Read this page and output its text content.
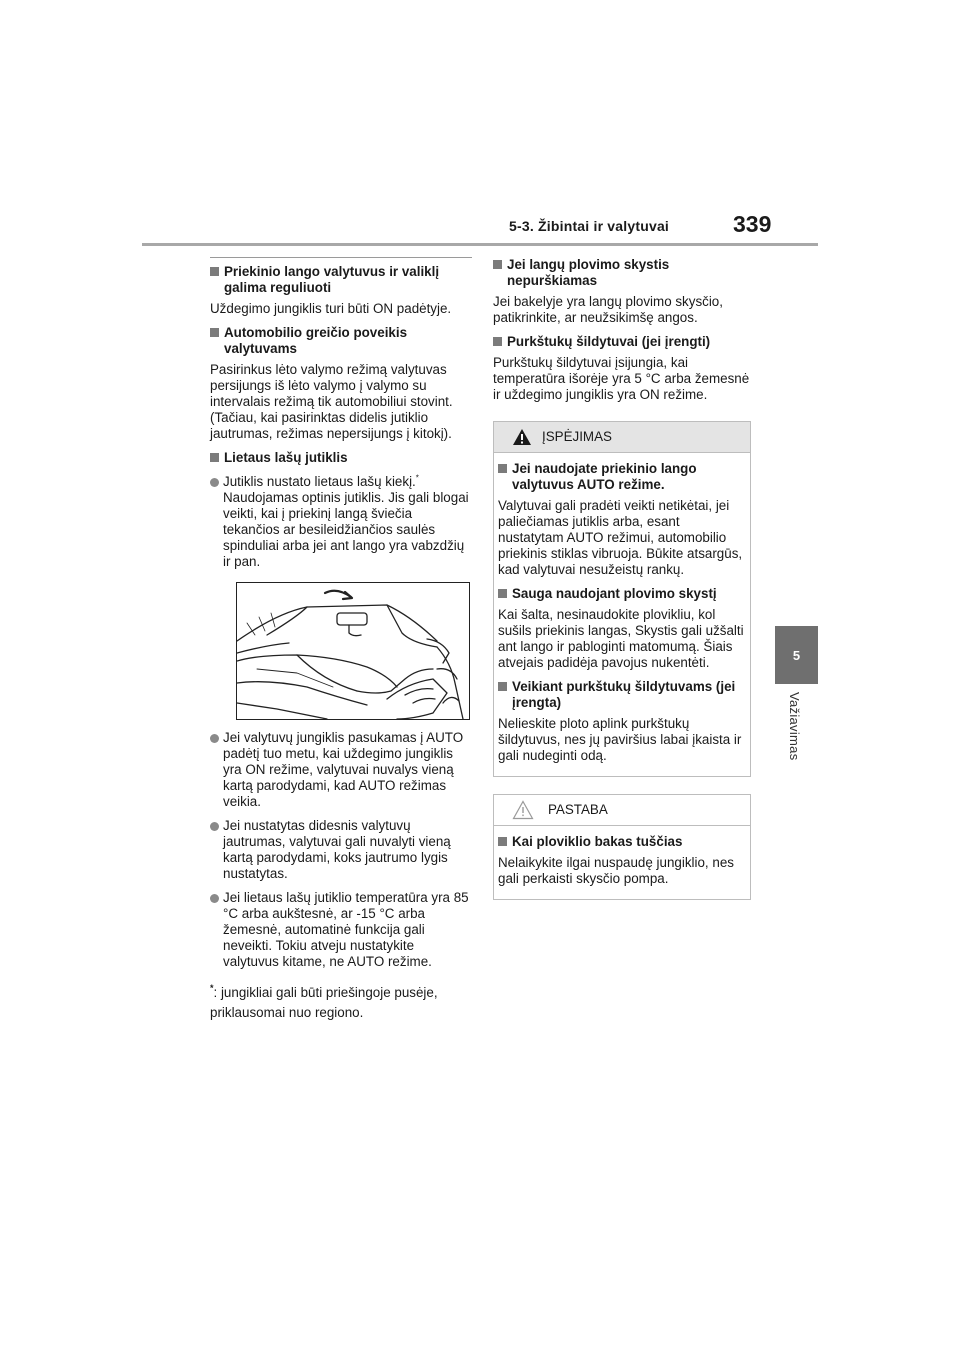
5-3. Žibintai ir valytuvai	339
5
Važiavimas
Priekinio lango valytuvus ir valiklį galima reguliuoti

Uždegimo jungiklis turi būti ON padėtyje.

Automobilio greičio poveikis valytuvams

Pasirinkus lėto valymo režimą valytuvas persijungs iš lėto valymo į valymo su intervalais režimą tik automobiliui stovint. (Tačiau, kai pasirinktas didelis jutiklio jautrumas, režimas nepersijungs į kitokį).

Lietaus lašų jutiklis
Jutiklis nustato lietaus lašų kiekį.* Naudojamas optinis jutiklis. Jis gali blogai veikti, kai į priekinį langą šviečia tekančios ar besileidžiančios saulės spinduliai arba jei ant lango yra vabzdžių ir pan.
Jei valytuvų jungiklis pasukamas į AUTO padėtį tuo metu, kai uždegimo jungiklis yra ON režime, valytuvai nuvalys vieną kartą parodydami, kad AUTO režimas veikia.
Jei nustatytas didesnis valytuvų jautrumas, valytuvai gali nuvalyti vieną kartą parodydami, koks jautrumo lygis nustatytas.
Jei lietaus lašų jutiklio temperatūra yra 85 °C arba aukštesnė, ar -15 °C arba žemesnė, automatinė funkcija gali neveikti. Tokiu atveju nustatykite valytuvus kitame, ne AUTO režime.
*: jungikliai gali būti priešingoje pusėje, priklausomai nuo regiono.
Jei langų plovimo skystis nepurškiamas

Jei bakelyje yra langų plovimo skysčio, patikrinkite, ar neužsikimšę angos.

Purkštukų šildytuvai (jei įrengti)

Purkštukų šildytuvai įsijungia, kai temperatūra išorėje yra 5 °C arba žemesnė ir uždegimo jungiklis yra ON režime.

ĮSPĖJIMAS
Jei naudojate priekinio lango valytuvus AUTO režime.

Valytuvai gali pradėti veikti netikėtai, jei paliečiamas jutiklis arba, esant nustatytam AUTO režimui, automobilio priekinis stiklas vibruoja. Būkite atsargūs, kad valytuvai nesužeistų rankų.

Sauga naudojant plovimo skystį

Kai šalta, nesinaudokite plovikliu, kol sušils priekinis langas, Skystis gali užšalti ant lango ir pabloginti matomumą. Šiais atvejais padidėja pavojus nukentėti.

Veikiant purkštukų šildytuvams (jei įrengta)

Nelieskite ploto aplink purkštukų šildytuvus, nes jų paviršius labai įkaista ir gali nudeginti odą.

PASTABA
Kai ploviklio bakas tuščias

Nelaikykite ilgai nuspaudę jungiklio, nes gali perkaisti skysčio pompa.
